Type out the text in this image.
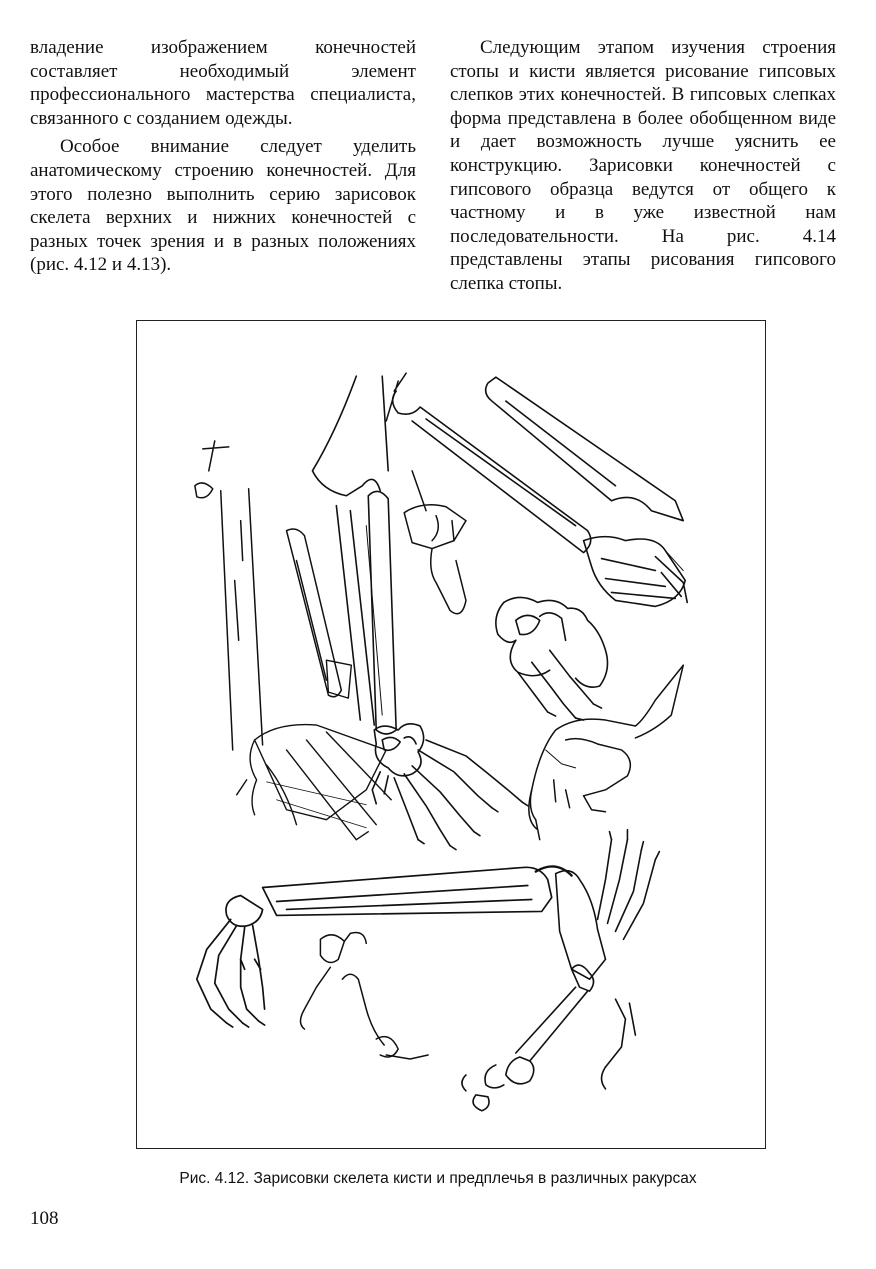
владение изображением конечностей составляет необходимый элемент профессионального мастерства специалиста, связанного с созданием одежды.

Особое внимание следует уделить анатомическому строению конечностей. Для этого полезно выполнить серию зарисовок скелета верхних и нижних конечностей с разных точек зрения и в разных положениях (рис. 4.12 и 4.13).

Следующим этапом изучения строения стопы и кисти является рисование гипсовых слепков этих конечностей. В гипсовых слепках форма представлена в более обобщенном виде и дает возможность лучше уяснить ее конструкцию. Зарисовки конечностей с гипсового образца ведутся от общего к частному и в уже известной нам последовательности. На рис. 4.14 представлены этапы рисования гипсового слепка стопы.

Рис. 4.12. Зарисовки скелета кисти и предплечья в различных ракурсах
108
